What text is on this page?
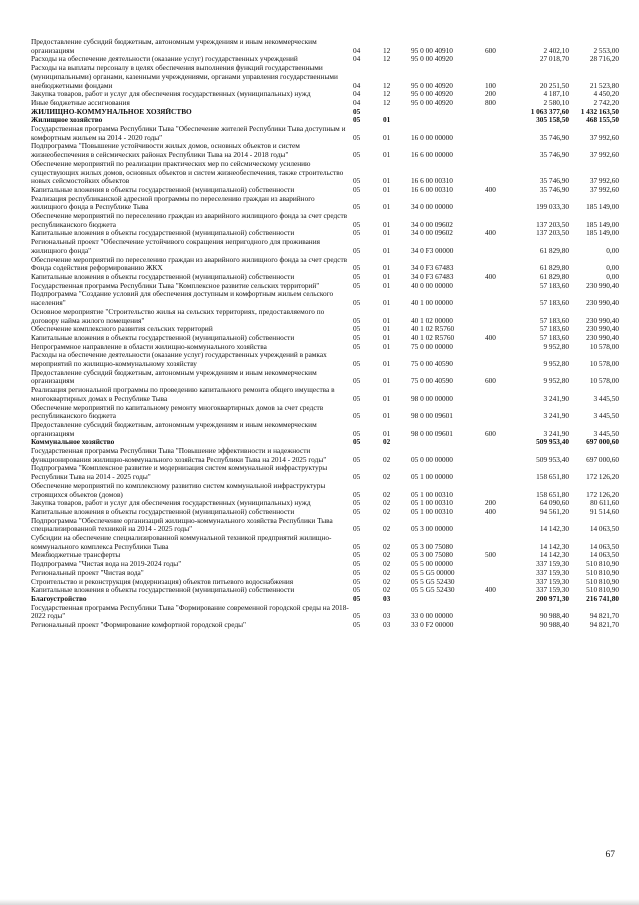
Предоставление субсидий бюджетным, автономным учреждениям и иным некоммерческим организациям	04	12	95 0 00 40910	600	2 402,10	2 553,00
Расходы на обеспечение деятельности (оказание услуг) государственных учреждений	04	12	95 0 00 40920		27 018,70	28 716,20
Расходы на выплаты персоналу в целях обеспечения выполнения функций государственными (муниципальными) органами, казенными учреждениями, органами управления государственными внебюджетными фондами	04	12	95 0 00 40920	100	20 251,50	21 523,80
Закупка товаров, работ и услуг для обеспечения государственных (муниципальных) нужд	04	12	95 0 00 40920	200	4 187,10	4 450,20
Иные бюджетные ассигнования	04	12	95 0 00 40920	800	2 580,10	2 742,20
ЖИЛИЩНО-КОММУНАЛЬНОЕ ХОЗЯЙСТВО	05				1 063 377,60	1 432 163,50
Жилищное хозяйство	05	01			305 158,50	468 155,50
Государственная программа Республики Тыва "Обеспечение жителей Республики Тыва доступным и комфортным жильем на 2014 - 2020 годы"	05	01	16 0 00 00000		35 746,90	37 992,60
Подпрограмма "Повышение устойчивости жилых домов, основных объектов и систем жизнеобеспечения в сейсмических районах Республики Тыва на 2014 - 2018 годы"	05	01	16 6 00 00000		35 746,90	37 992,60
Обеспечение мероприятий по реализации практических мер по сейсмическому усилению существующих жилых домов, основных объектов и систем жизнеобеспечения, также строительство новых сейсмостойких объектов	05	01	16 6 00 00310		35 746,90	37 992,60
Капитальные вложения в объекты государственной (муниципальной) собственности	05	01	16 6 00 00310	400	35 746,90	37 992,60
Реализация республиканской адресной программы по переселению граждан из аварийного жилищного фонда в Республике Тыва	05	01	34 0 00 00000		199 033,30	185 149,00
Обеспечение мероприятий по переселению граждан из аварийного жилищного фонда за счет средств республиканского бюджета	05	01	34 0 00 09602		137 203,50	185 149,00
Капитальные вложения в объекты государственной (муниципальной) собственности	05	01	34 0 00 09602	400	137 203,50	185 149,00
Региональный проект "Обеспечение устойчивого сокращения непригодного для проживания жилищного фонда"	05	01	34 0 F3 00000		61 829,80	0,00
Обеспечение мероприятий по переселению граждан из аварийного жилищного фонда за счет средств Фонда содействия реформированию ЖКХ	05	01	34 0 F3 67483		61 829,80	0,00
Капитальные вложения в объекты государственной (муниципальной) собственности	05	01	34 0 F3 67483	400	61 829,80	0,00
Государственная программа Республики Тыва "Комплексное развитие сельских территорий"	05	01	40 0 00 00000		57 183,60	230 990,40
Подпрограмма "Создание условий для обеспечения доступным и комфортным жильем сельского населения"	05	01	40 1 00 00000		57 183,60	230 990,40
Основное мероприятие "Строительство жилья на сельских территориях, предоставляемого по договору найма жилого помещения"	05	01	40 1 02 00000		57 183,60	230 990,40
Обеспечение комплексного развития сельских территорий	05	01	40 1 02 R5760		57 183,60	230 990,40
Капитальные вложения в объекты государственной (муниципальной) собственности	05	01	40 1 02 R5760	400	57 183,60	230 990,40
Непрограммное направление в области жилищно-коммунального хозяйства	05	01	75 0 00 00000		9 952,80	10 578,00
Расходы на обеспечение деятельности (оказание услуг) государственных учреждений в рамках мероприятий по жилищно-коммунальному хозяйству	05	01	75 0 00 40590		9 952,80	10 578,00
Предоставление субсидий бюджетным, автономным учреждениям и иным некоммерческим организациям	05	01	75 0 00 40590	600	9 952,80	10 578,00
Реализация региональной программы по проведению капитального ремонта общего имущества в многоквартирных домах в Республике Тыва	05	01	98 0 00 00000		3 241,90	3 445,50
Обеспечение мероприятий по капитальному ремонту многоквартирных домов за счет средств республиканского бюджета	05	01	98 0 00 09601		3 241,90	3 445,50
Предоставление субсидий бюджетным, автономным учреждениям и иным некоммерческим организациям	05	01	98 0 00 09601	600	3 241,90	3 445,50
Коммунальное хозяйство	05	02			509 953,40	697 000,60
Государственная программа Республики Тыва "Повышение эффективности и надежности функционирования жилищно-коммунального хозяйства Республики Тыва на 2014 - 2025 годы"	05	02	05 0 00 00000		509 953,40	697 000,60
Подпрограмма "Комплексное развитие и модернизация систем коммунальной инфраструктуры Республики Тыва на 2014 - 2025 годы"	05	02	05 1 00 00000		158 651,80	172 126,20
Обеспечение мероприятий по комплексному развитию систем коммунальной инфраструктуры строящихся объектов (домов)	05	02	05 1 00 00310		158 651,80	172 126,20
Закупка товаров, работ и услуг для обеспечения государственных (муниципальных) нужд	05	02	05 1 00 00310	200	64 090,60	80 611,60
Капитальные вложения в объекты государственной (муниципальной) собственности	05	02	05 1 00 00310	400	94 561,20	91 514,60
Подпрограмма "Обеспечение организаций жилищно-коммунального хозяйства Республики Тыва специализированной техникой на 2014 - 2025 годы"	05	02	05 3 00 00000		14 142,30	14 063,50
Субсидии на обеспечение специализированной коммунальной техникой предприятий жилищно-коммунального комплекса Республики Тыва	05	02	05 3 00 75080		14 142,30	14 063,50
Межбюджетные трансферты	05	02	05 3 00 75080	500	14 142,30	14 063,50
Подпрограмма "Чистая вода на 2019-2024 годы"	05	02	05 5 00 00000		337 159,30	510 810,90
Региональный проект "Чистая вода"	05	02	05 5 G5 00000		337 159,30	510 810,90
Строительство и реконструкция (модернизация) объектов питьевого водоснабжения	05	02	05 5 G5 52430		337 159,30	510 810,90
Капитальные вложения в объекты государственной (муниципальной) собственности	05	02	05 5 G5 52430	400	337 159,30	510 810,90
Благоустройство	05	03			200 971,30	216 741,80
Государственная программа Республики Тыва "Формирование современной городской среды на 2018-2022 годы"	05	03	33 0 00 00000		90 988,40	94 821,70
Региональный проект "Формирование комфортной городской среды"	05	03	33 0 F2 00000		90 988,40	94 821,70
67
